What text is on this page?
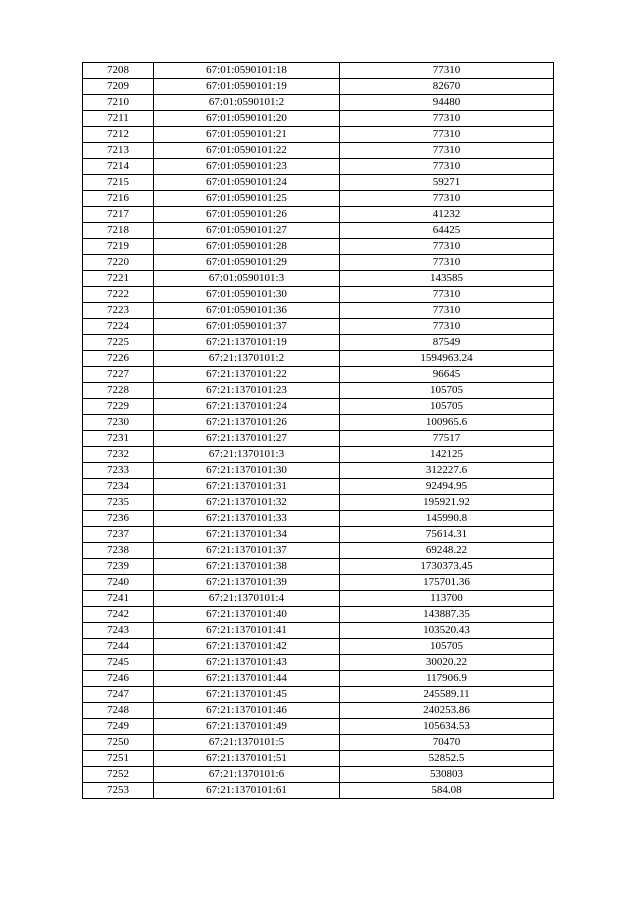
7208	67:01:0590101:18	77310
7209	67:01:0590101:19	82670
7210	67:01:0590101:2	94480
7211	67:01:0590101:20	77310
7212	67:01:0590101:21	77310
7213	67:01:0590101:22	77310
7214	67:01:0590101:23	77310
7215	67:01:0590101:24	59271
7216	67:01:0590101:25	77310
7217	67:01:0590101:26	41232
7218	67:01:0590101:27	64425
7219	67:01:0590101:28	77310
7220	67:01:0590101:29	77310
7221	67:01:0590101:3	143585
7222	67:01:0590101:30	77310
7223	67:01:0590101:36	77310
7224	67:01:0590101:37	77310
7225	67:21:1370101:19	87549
7226	67:21:1370101:2	1594963.24
7227	67:21:1370101:22	96645
7228	67:21:1370101:23	105705
7229	67:21:1370101:24	105705
7230	67:21:1370101:26	100965.6
7231	67:21:1370101:27	77517
7232	67:21:1370101:3	142125
7233	67:21:1370101:30	312227.6
7234	67:21:1370101:31	92494.95
7235	67:21:1370101:32	195921.92
7236	67:21:1370101:33	145990.8
7237	67:21:1370101:34	75614.31
7238	67:21:1370101:37	69248.22
7239	67:21:1370101:38	1730373.45
7240	67:21:1370101:39	175701.36
7241	67:21:1370101:4	113700
7242	67:21:1370101:40	143887.35
7243	67:21:1370101:41	103520.43
7244	67:21:1370101:42	105705
7245	67:21:1370101:43	30020.22
7246	67:21:1370101:44	117906.9
7247	67:21:1370101:45	245589.11
7248	67:21:1370101:46	240253.86
7249	67:21:1370101:49	105634.53
7250	67:21:1370101:5	70470
7251	67:21:1370101:51	52852.5
7252	67:21:1370101:6	530803
7253	67:21:1370101:61	584.08
